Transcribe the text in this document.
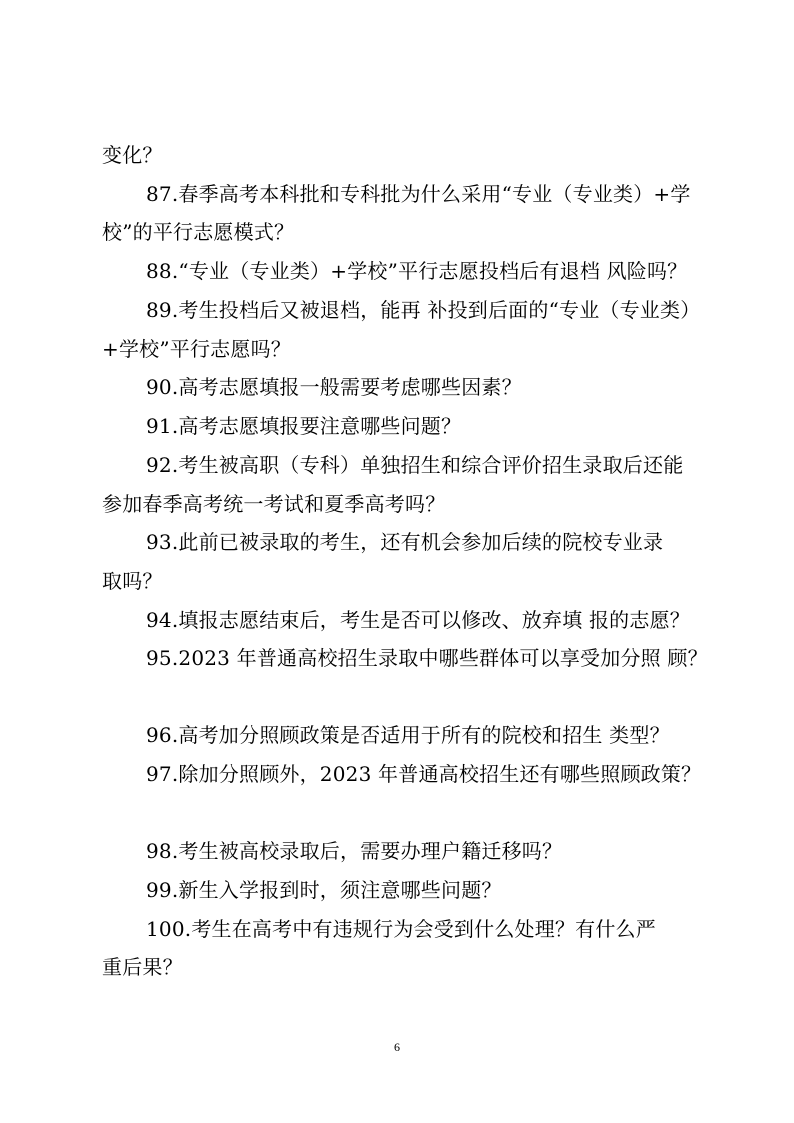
变化？
87.春季高考本科批和专科批为什么采用“专业（专业类）+学
校”的平行志愿模式？
88.“专业（专业类）+学校”平行志愿投档后有退档 风险吗？
89.考生投档后又被退档，能再 补投到后面的“专业（专业类）
+学校”平行志愿吗？
90.高考志愿填报一般需要考虑哪些因素？
91.高考志愿填报要注意哪些问题？
92.考生被高职（专科）单独招生和综合评价招生录取后还能
参加春季高考统一考试和夏季高考吗？
93.此前已被录取的考生，还有机会参加后续的院校专业录
取吗？
94.填报志愿结束后，考生是否可以修改、放弃填 报的志愿？
95.2023 年普通高校招生录取中哪些群体可以享受加分照 顾？
96.高考加分照顾政策是否适用于所有的院校和招生 类型？
97.除加分照顾外，2023 年普通高校招生还有哪些照顾政策？
98.考生被高校录取后，需要办理户籍迁移吗？
99.新生入学报到时，须注意哪些问题？
100.考生在高考中有违规行为会受到什么处理？有什么严
重后果？
6
